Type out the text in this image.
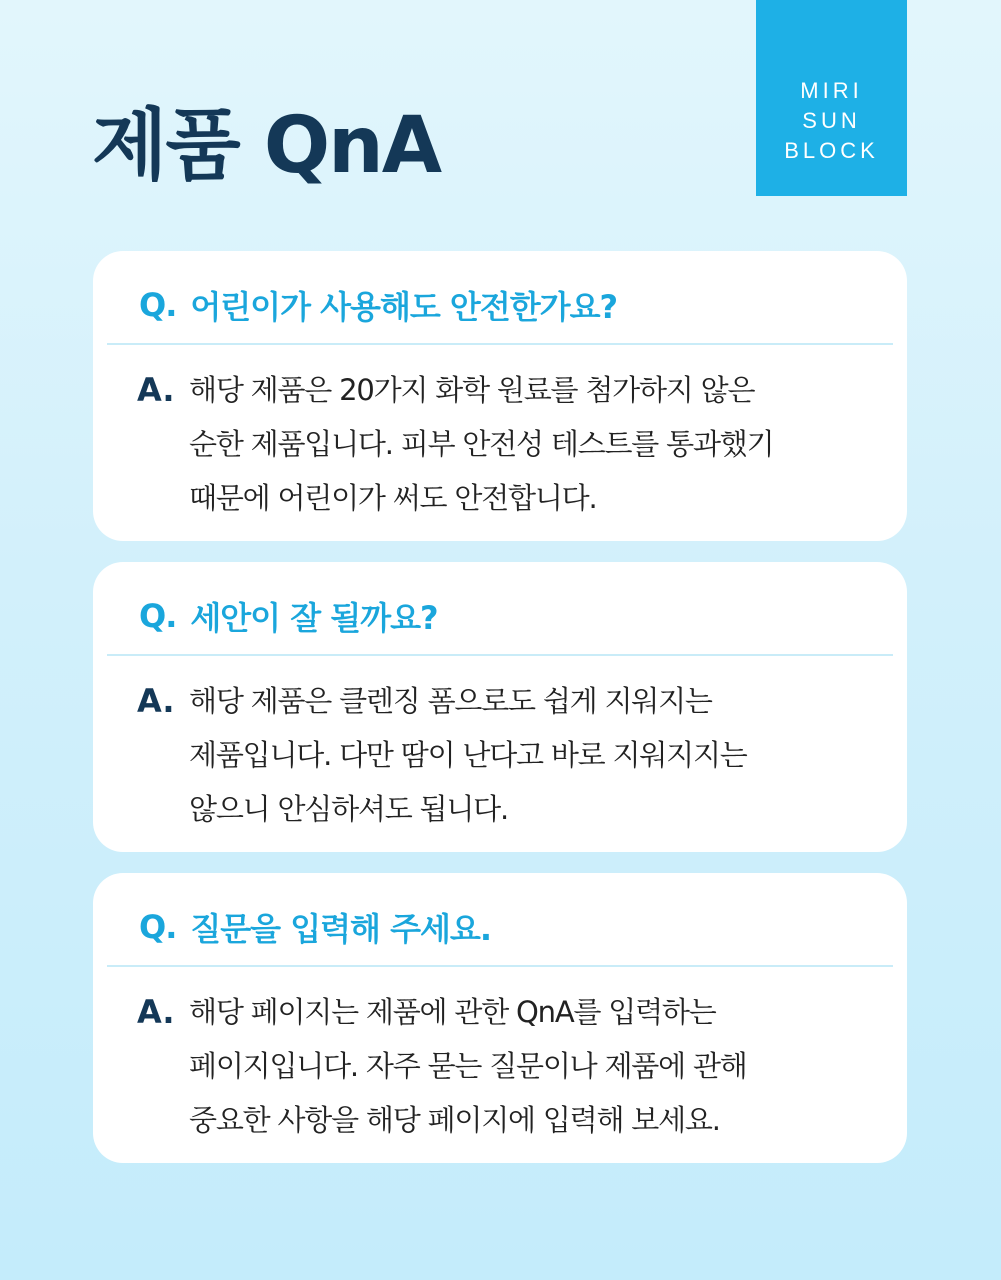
제품 QnA
MIRI
SUN
BLOCK
Q. 어린이가 사용해도 안전한가요?
A. 해당 제품은 20가지 화학 원료를 첨가하지 않은
순한 제품입니다. 피부 안전성 테스트를 통과했기
때문에 어린이가 써도 안전합니다.
Q. 세안이 잘 될까요?
A. 해당 제품은 클렌징 폼으로도 쉽게 지워지는
제품입니다. 다만 땀이 난다고 바로 지워지지는
않으니 안심하셔도 됩니다.
Q. 질문을 입력해 주세요.
A. 해당 페이지는 제품에 관한 QnA를 입력하는
페이지입니다. 자주 묻는 질문이나 제품에 관해
중요한 사항을 해당 페이지에 입력해 보세요.
